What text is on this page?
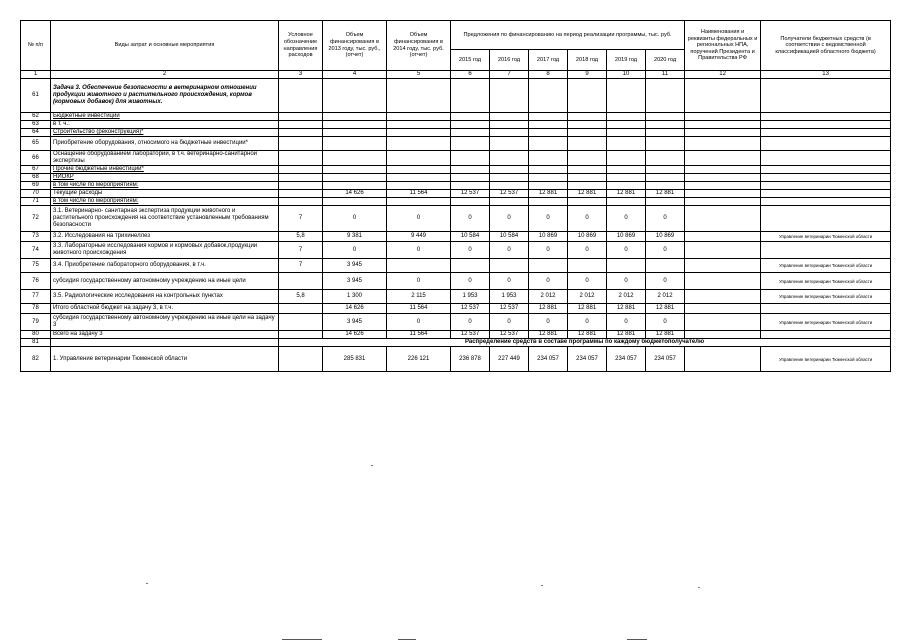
№ п/п	Виды затрат и основные мероприятия	Условное обозначение направления расходов	Объем финансирования в 2013 году, тыс. руб., (отчет)	Объем финансирования в 2014 году, тыс. руб. (отчет)	Предложения по финансированию на период реализации программы, тыс. руб.						Наименования и реквизиты федеральных и региональных НПА, поручений Президента и Правительства РФ	Получатели бюджетных средств (в соответствии с ведомственной классификацией областного бюджета)
					2015 год	2016 год	2017 год	2018 год	2019 год	2020 год		
1	2	3	4	5	6	7	8	9	10	11	12	13
61	Задача 3. Обеспечение безопасности в ветеринарном отношении продукции животного и растительного происхождения, кормов (кормовых добавок) для животных.											
62	Бюджетные инвестиции											
63	в т. ч.:											
64	Строительство (реконструкция)*											
65	Приобретение оборудования, относимого на бюджетные инвестиции*											
66	Оснащение оборудованием лаборатории, в т.ч. ветеринарно-санитарной экспертизы											
67	Прочие бюджетные инвестиции*											
68	НИОКР											
69	в том числе по мероприятиям:											
70	Текущие расходы		14 626	11 564	12 537	12 537	12 881	12 881	12 881	12 881		
71	в том числе по мероприятиям:											
72	3.1. Ветеринарно- санитарная экспертиза продукции животного и растительного происхождения на соответствие установленным требованиям безопасности	7	0	0	0	0	0	0	0	0		
73	3.2. Исследования на трихинеллез	5,8	9 381	9 449	10 584	10 584	10 869	10 869	10 869	10 869		Управление ветеринарии Тюменской области
74	3.3. Лабораторные исследования кормов и кормовых добавок,продукции животного происхождения	7	0	0	0	0	0	0	0	0		
75	3.4. Приобретение лабораторного оборудования, в т.ч.	7	3 945									Управление ветеринарии Тюменской области
76	субсидия государственному автономному учреждению на иные цели		3 945	0	0	0	0	0	0	0		Управление ветеринарии Тюменской области
77	3.5. Радиологические исследования на контрольных пунктах	5,8	1 300	2 115	1 953	1 953	2 012	2 012	2 012	2 012		Управление ветеринарии Тюменской области
78	Итого областной бюджет на задачу 3, в т.ч.		14 626	11 564	12 537	12 537	12 881	12 881	12 881	12 881		
79	субсидия государственному автономному учреждению на иные цели на задачу 3		3 945	0	0	0	0	0	0	0		Управление ветеринарии Тюменской области
80	Всего на задачу 3		14 626	11 564	12 537	12 537	12 881	12 881	12 881	12 881		
81		Распределение средств в составе программы по каждому бюджетополучателю										
82	1. Управление ветеринарии Тюменской области		285 831	226 121	236 878	227 449	234 057	234 057	234 057	234 057		Управление ветеринарии Тюменской области
